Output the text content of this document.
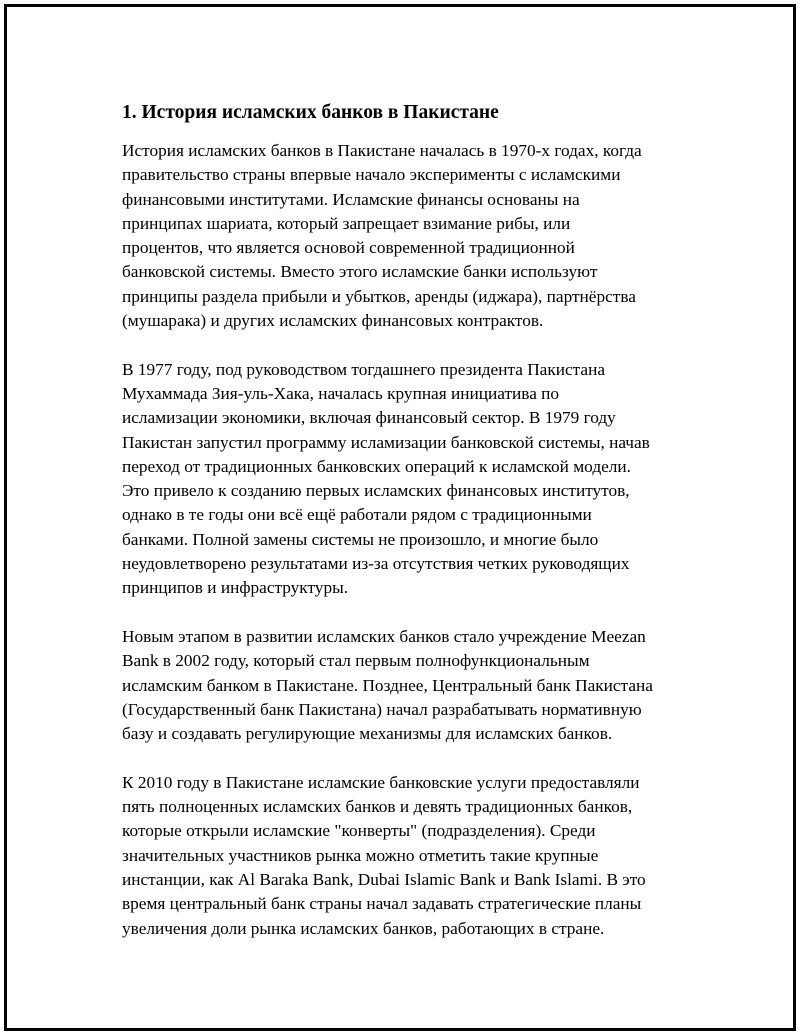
1. История исламских банков в Пакистане
История исламских банков в Пакистане началась в 1970-х годах, когда
правительство страны впервые начало эксперименты с исламскими
финансовыми институтами. Исламские финансы основаны на
принципах шариата, который запрещает взимание рибы, или
процентов, что является основой современной традиционной
банковской системы. Вместо этого исламские банки используют
принципы раздела прибыли и убытков, аренды (иджара), партнёрства
(мушарака) и других исламских финансовых контрактов.
В 1977 году, под руководством тогдашнего президента Пакистана
Мухаммада Зия-уль-Хака, началась крупная инициатива по
исламизации экономики, включая финансовый сектор. В 1979 году
Пакистан запустил программу исламизации банковской системы, начав
переход от традиционных банковских операций к исламской модели.
Это привело к созданию первых исламских финансовых институтов,
однако в те годы они всё ещё работали рядом с традиционными
банками. Полной замены системы не произошло, и многие было
неудовлетворено результатами из-за отсутствия четких руководящих
принципов и инфраструктуры.
Новым этапом в развитии исламских банков стало учреждение Meezan
Bank в 2002 году, который стал первым полнофункциональным
исламским банком в Пакистане. Позднее, Центральный банк Пакистана
(Государственный банк Пакистана) начал разрабатывать нормативную
базу и создавать регулирующие механизмы для исламских банков.
К 2010 году в Пакистане исламские банковские услуги предоставляли
пять полноценных исламских банков и девять традиционных банков,
которые открыли исламские "конверты" (подразделения). Среди
значительных участников рынка можно отметить такие крупные
инстанции, как Al Baraka Bank, Dubai Islamic Bank и Bank Islami. В это
время центральный банк страны начал задавать стратегические планы
увеличения доли рынка исламских банков, работающих в стране.
